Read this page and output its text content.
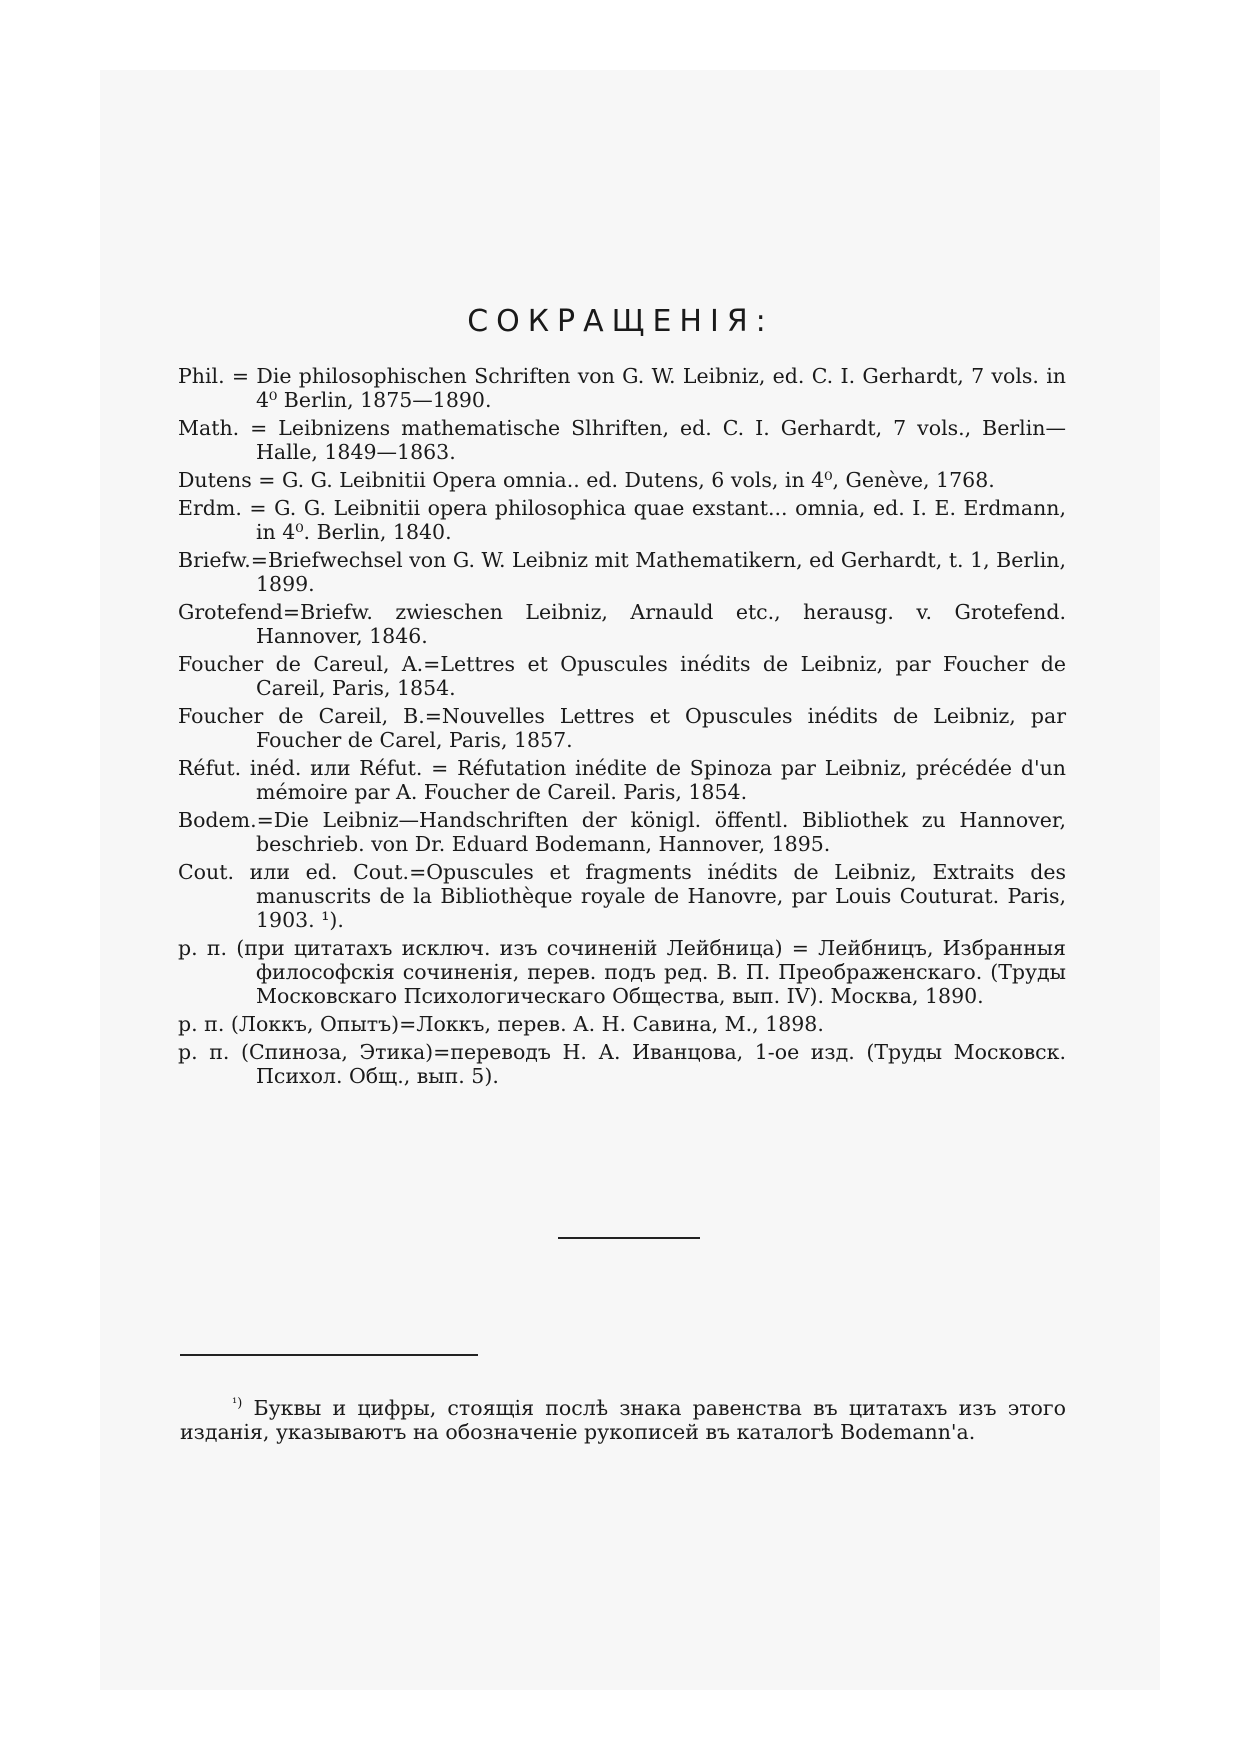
СОКРАЩЕНІЯ:

Phil. = Die philosophischen Schriften von G. W. Leibniz, ed. C. I. Gerhardt, 7 vols. in 4⁰ Berlin, 1875—1890.

Math. = Leibnizens mathematische Slhriften, ed. C. I. Gerhardt, 7 vols., Berlin—Halle, 1849—1863.

Dutens = G. G. Leibnitii Opera omnia.. ed. Dutens, 6 vols, in 4⁰, Genève, 1768.

Erdm. = G. G. Leibnitii opera philosophica quae exstant... omnia, ed. I. E. Erdmann, in 4⁰. Berlin, 1840.

Briefw.=Briefwechsel von G. W. Leibniz mit Mathematikern, ed Gerhardt, t. 1, Berlin, 1899.

Grotefend=Briefw. zwieschen Leibniz, Arnauld etc., herausg. v. Grotefend. Hannover, 1846.

Foucher de Careul, A.=Lettres et Opuscules inédits de Leibniz, par Foucher de Careil, Paris, 1854.

Foucher de Careil, B.=Nouvelles Lettres et Opuscules inédits de Leibniz, par Foucher de Carel, Paris, 1857.

Réfut. inéd. или Réfut. = Réfutation inédite de Spinoza par Leibniz, précédée d'un mémoire par A. Foucher de Careil. Paris, 1854.

Bodem.=Die Leibniz—Handschriften der königl. öffentl. Bibliothek zu Hannover, beschrieb. von Dr. Eduard Bodemann, Hannover, 1895.

Cout. или ed. Cout.=Opuscules et fragments inédits de Leibniz, Extraits des manuscrits de la Bibliothèque royale de Hanovre, par Louis Couturat. Paris, 1903. ¹).

р. п. (при цитатахъ исключ. изъ сочиненій Лейбница) = Лейбницъ, Избранныя философскія сочиненія, перев. подъ ред. В. П. Преображенскаго. (Труды Московскаго Психологическаго Общества, вып. IV). Москва, 1890.

р. п. (Локкъ, Опытъ)=Локкъ, перев. А. Н. Савина, М., 1898.

р. п. (Спиноза, Этика)=переводъ Н. А. Иванцова, 1-ое изд. (Труды Московск. Психол. Общ., вып. 5).

$^{^1)}$ Буквы и цифры, стоящія послѣ знака равенства въ цитатахъ изъ этого изданія, указываютъ на обозначеніе рукописей въ каталогѣ Bodemann'a.
